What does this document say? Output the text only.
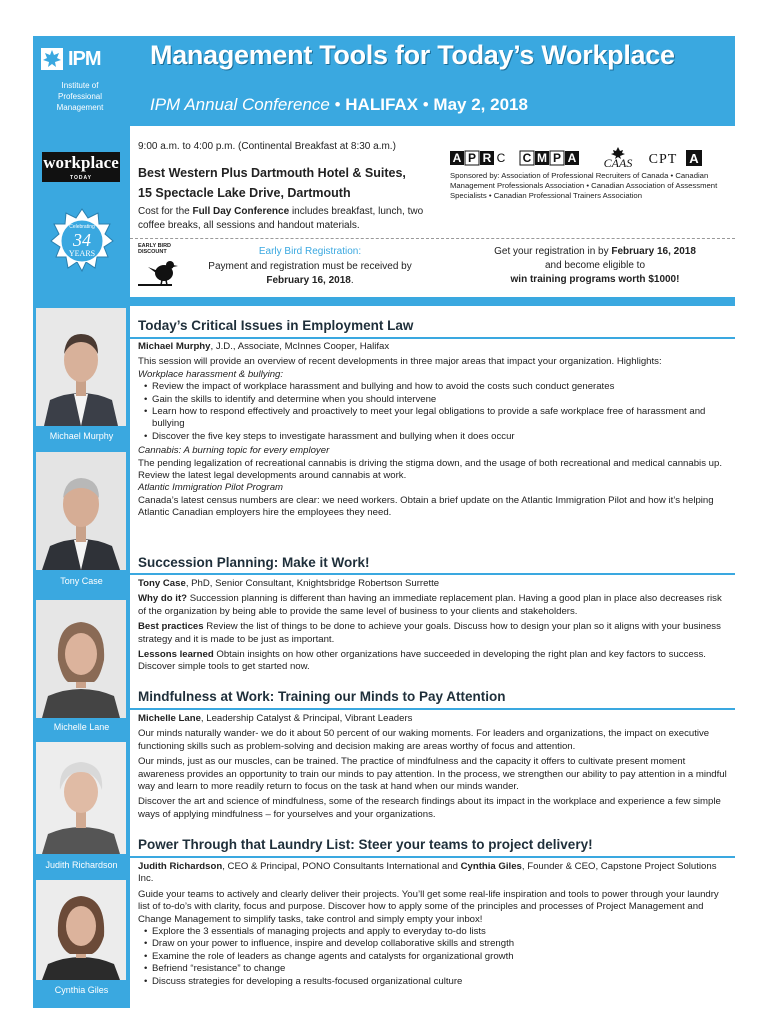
IPM
Institute of Professional Management
workplace
TODAY
Celebrating
34
YEARS
Michael Murphy
Tony Case
Michelle Lane
Judith Richardson
Cynthia Giles
Management Tools for Today’s Workplace
IPM Annual Conference • HALIFAX • May 2, 2018
9:00 a.m. to 4:00 p.m. (Continental Breakfast at 8:30 a.m.)
Best Western Plus Dartmouth Hotel & Suites,
15 Spectacle Lake Drive, Dartmouth
Cost for the Full Day Conference includes breakfast, lunch, two coffee breaks, all sessions and handout materials.
A P R C C M P A CAAS CPT A
Sponsored by: Association of Professional Recruiters of Canada • Canadian Management Professionals Association • Canadian Association of Assessment Specialists • Canadian Professional Trainers Association
EARLY BIRD
DISCOUNT	Early Bird Registration:
Payment and registration must be received by
February 16, 2018.
Get your registration in by February 16, 2018
and become eligible to
win training programs worth $1000!
Today’s Critical Issues in Employment Law

Michael Murphy, J.D., Associate, McInnes Cooper, Halifax

This session will provide an overview of recent developments in three major areas that impact your organization. Highlights:

Workplace harassment & bullying:

• Review the impact of workplace harassment and bullying and how to avoid the costs such conduct generates
• Gain the skills to identify and determine when you should intervene
• Learn how to respond effectively and proactively to meet your legal obligations to provide a safe workplace free of harassment and bullying
• Discover the five key steps to investigate harassment and bullying when it does occur

Cannabis: A burning topic for every employer

The pending legalization of recreational cannabis is driving the stigma down, and the usage of both recreational and medical cannabis up. Review the latest legal developments around cannabis at work.

Atlantic Immigration Pilot Program

Canada’s latest census numbers are clear: we need workers. Obtain a brief update on the Atlantic Immigration Pilot and how it’s helping Atlantic Canadian employers hire the employees they need.

Succession Planning: Make it Work!

Tony Case, PhD, Senior Consultant, Knightsbridge Robertson Surrette

Why do it? Succession planning is different than having an immediate replacement plan. Having a good plan in place also decreases risk of the organization by being able to provide the same level of business to your clients and stakeholders.

Best practices Review the list of things to be done to achieve your goals. Discuss how to design your plan so it aligns with your business strategy and it is made to be just as important.

Lessons learned Obtain insights on how other organizations have succeeded in developing the right plan and key factors to success. Discover simple tools to get started now.

Mindfulness at Work: Training our Minds to Pay Attention

Michelle Lane, Leadership Catalyst & Principal, Vibrant Leaders

Our minds naturally wander- we do it about 50 percent of our waking moments. For leaders and organizations, the impact on executive functioning skills such as problem-solving and decision making are areas worthy of focus and attention.

Our minds, just as our muscles, can be trained. The practice of mindfulness and the capacity it offers to cultivate present moment awareness provides an opportunity to train our minds to pay attention. In the process, we strengthen our ability to pay attention in a mindful way and learn to more readily return to focus on the task at hand when our minds wander.

Discover the art and science of mindfulness, some of the research findings about its impact in the workplace and experience a few simple ways of applying mindfulness – for yourselves and your organizations.

Power Through that Laundry List: Steer your teams to project delivery!

Judith Richardson, CEO & Principal, PONO Consultants International and Cynthia Giles, Founder & CEO, Capstone Project Solutions Inc.

Guide your teams to actively and clearly deliver their projects. You’ll get some real-life inspiration and tools to power through your laundry list of to-do’s with clarity, focus and purpose. Discover how to apply some of the principles and processes of Project Management and Change Management to simplify tasks, take control and simply empty your inbox!

• Explore the 3 essentials of managing projects and apply to everyday to-do lists
• Draw on your power to influence, inspire and develop collaborative skills and strength
• Examine the role of leaders as change agents and catalysts for organizational growth
• Befriend “resistance” to change
• Discuss strategies for developing a results-focused organizational culture
